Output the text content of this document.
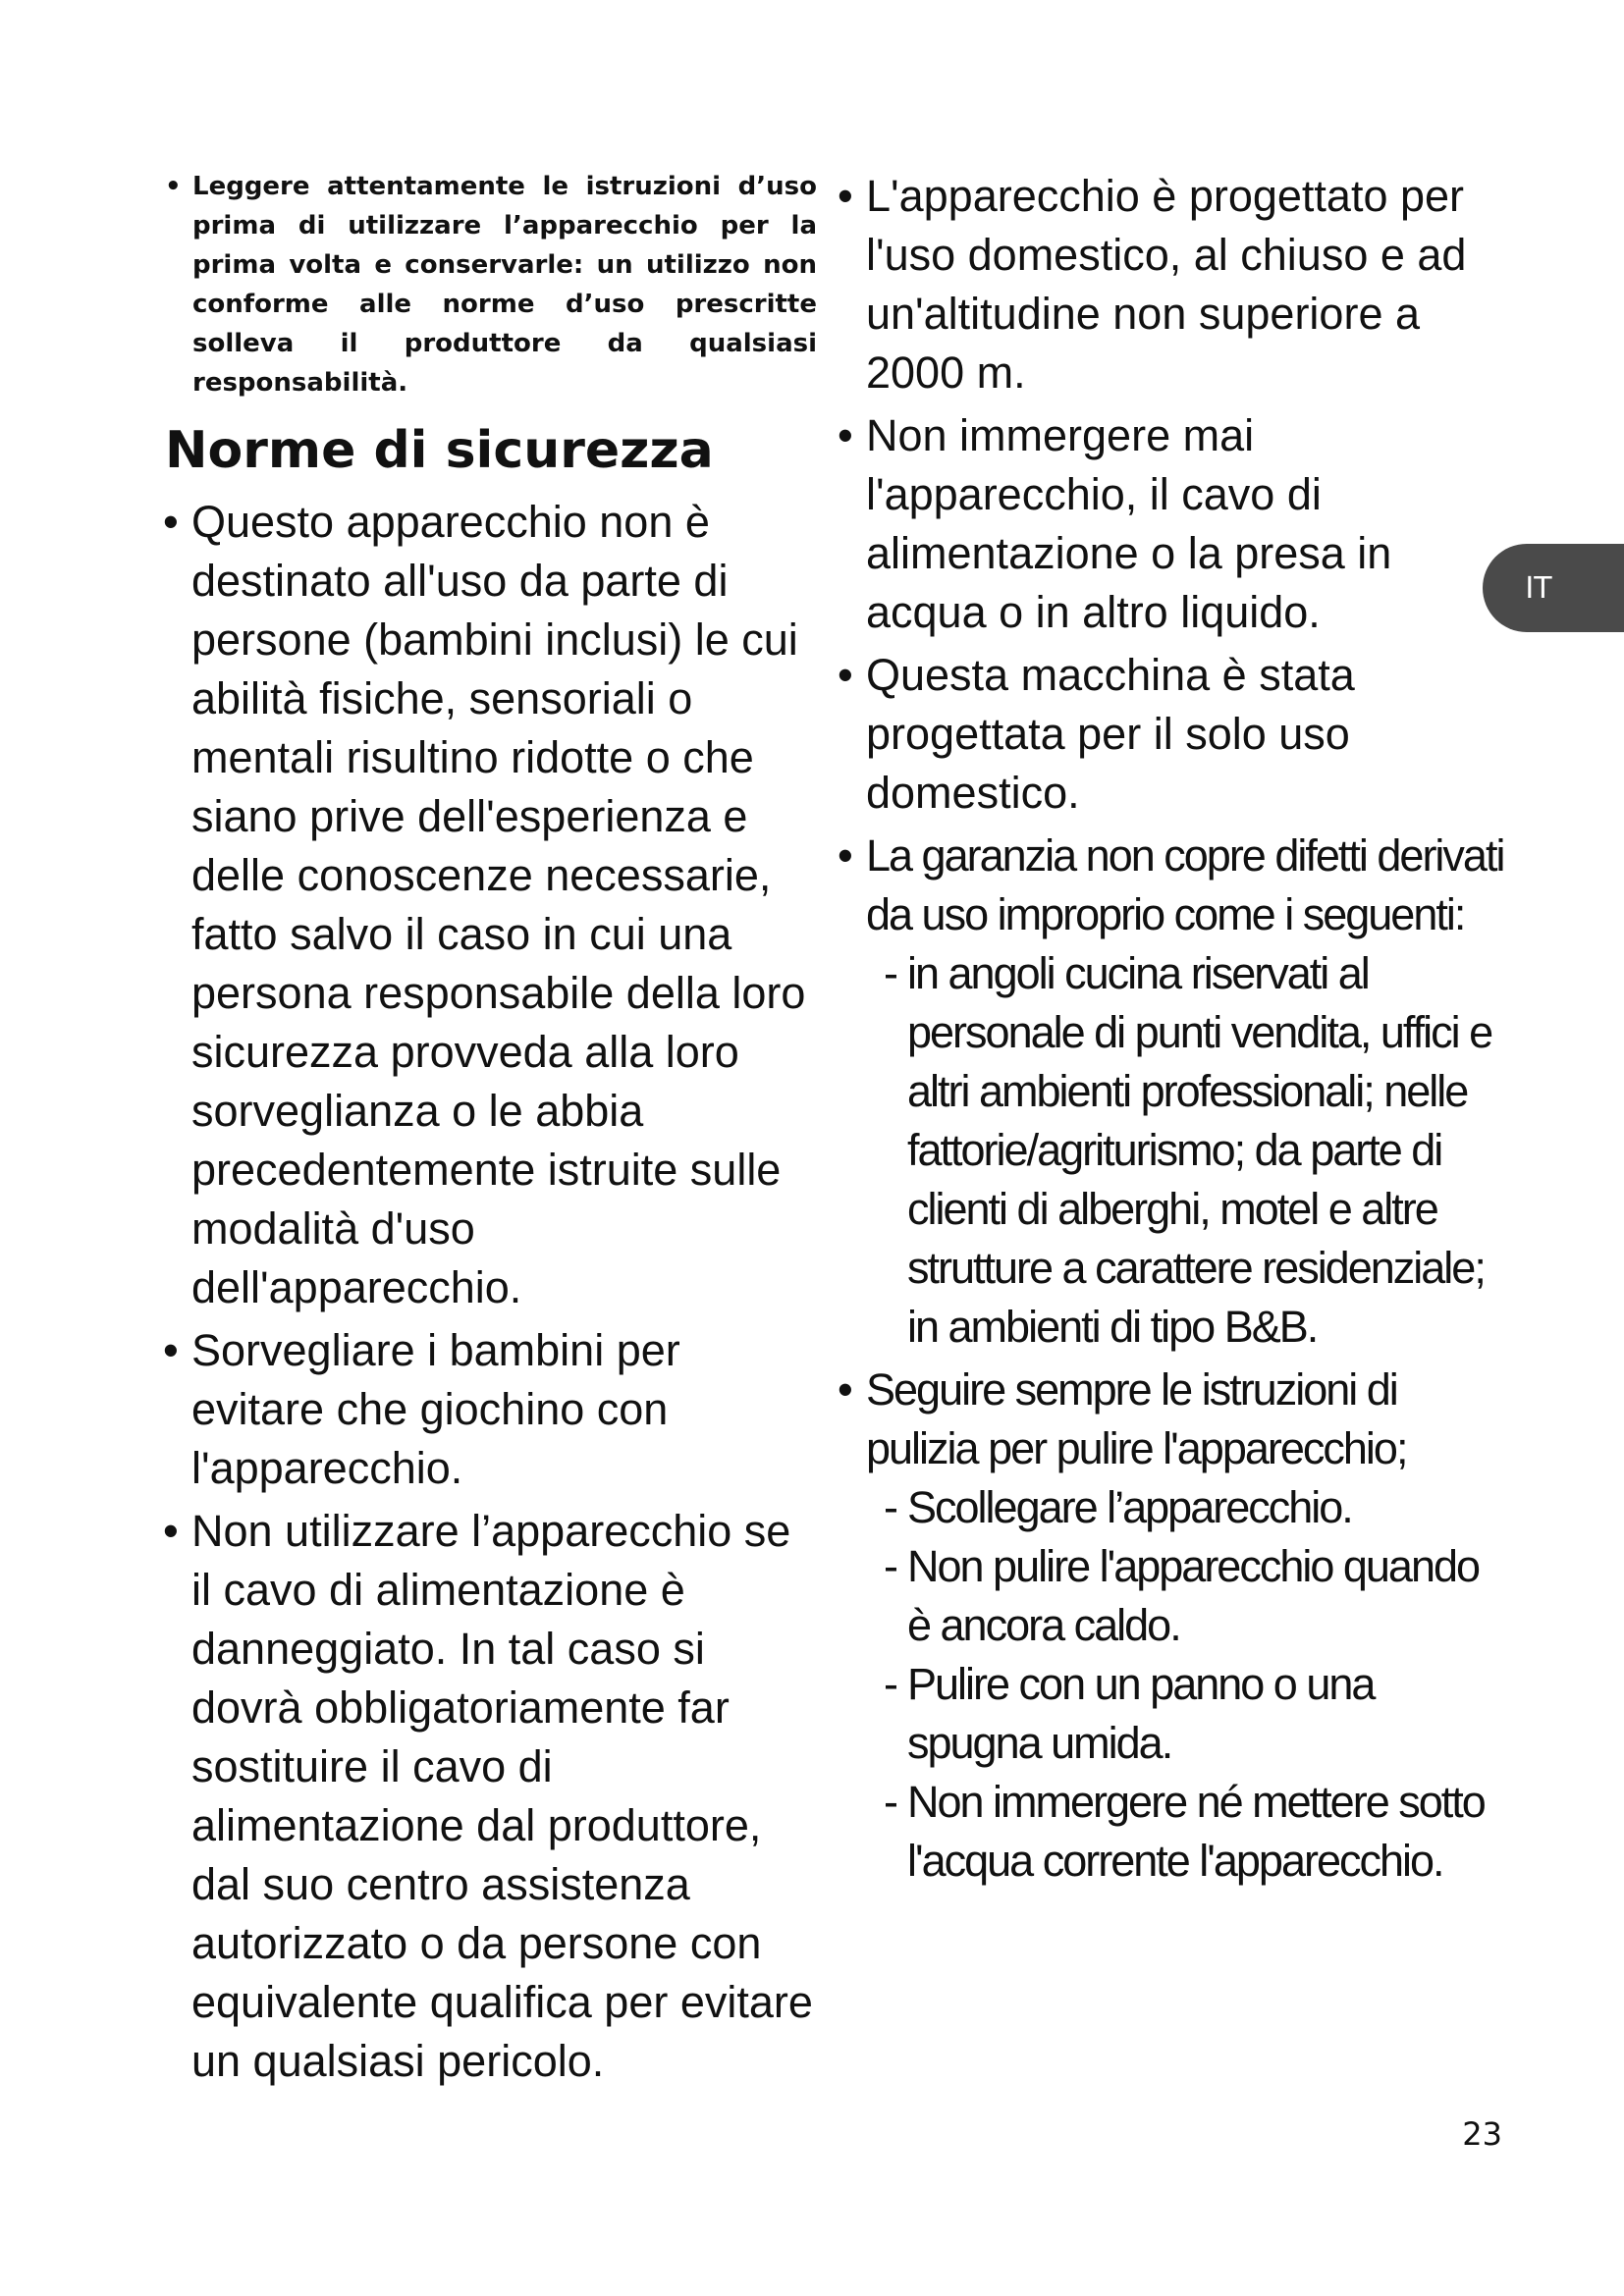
• Leggere attentamente le istruzioni d’uso prima di utilizzare l’apparecchio per la prima volta e conservarle: un utilizzo non conforme alle norme d’uso prescritte solleva il produttore da qualsiasi responsabilità.

Norme di sicurezza
• Questo apparecchio non è destinato all'uso da parte di persone (bambini inclusi) le cui abilità fisiche, sensoriali o mentali risultino ridotte o che siano prive dell'esperienza e delle conoscenze necessarie, fatto salvo il caso in cui una persona responsabile della loro sicurezza provveda alla loro sorveglianza o le abbia precedentemente istruite sulle modalità d'uso dell'apparecchio.
• Sorvegliare i bambini per evitare che giochino con l'apparecchio.
• Non utilizzare l’apparecchio se il cavo di alimentazione è danneggiato. In tal caso si dovrà obbligatoriamente far sostituire il cavo di alimentazione dal produttore, dal suo centro assistenza autorizzato o da persone con equivalente qualifica per evitare un qualsiasi pericolo.
• L'apparecchio è progettato per l'uso domestico, al chiuso e ad un'altitudine non superiore a 2000 m.
• Non immergere mai l'apparecchio, il cavo di alimentazione o la presa in acqua o in altro liquido.
• Questa macchina è stata progettata per il solo uso domestico.
• La garanzia non copre difetti derivati da uso improprio come i seguenti:
- in angoli cucina riservati al personale di punti vendita, uffici e altri ambienti professionali; nelle fattorie/agriturismo; da parte di clienti di alberghi, motel e altre strutture a carattere residenziale; in ambienti di tipo B&B.
• Seguire sempre le istruzioni di pulizia per pulire l'apparecchio;
- Scollegare l’apparecchio.
- Non pulire l'apparecchio quando è ancora caldo.
- Pulire con un panno o una spugna umida.
- Non immergere né mettere sotto l'acqua corrente l'apparecchio.
IT
23
